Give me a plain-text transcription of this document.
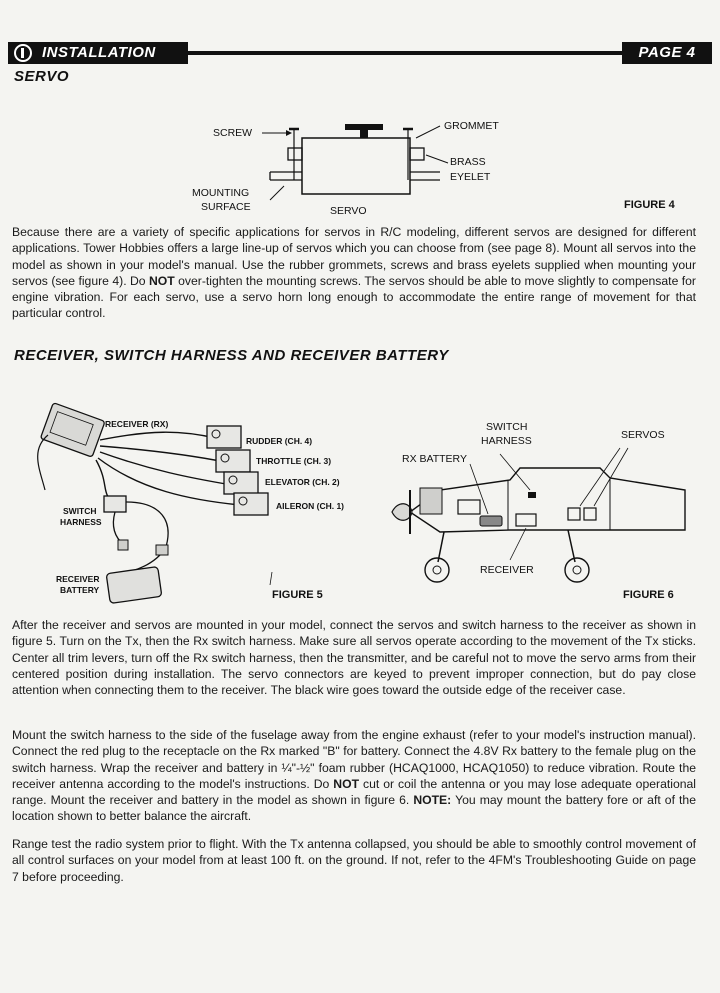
INSTALLATION	PAGE 4
SERVO
SCREW
GROMMET
BRASS
EYELET
MOUNTING
SURFACE	SERVO	FIGURE 4
Because there are a variety of specific applications for servos in R/C modeling, different servos are designed for different applications. Tower Hobbies offers a large line-up of servos which you can choose from (see page 8). Mount all servos into the model as shown in your model's manual. Use the rubber grommets, screws and brass eyelets supplied when mounting your servos (see figure 4). Do NOT over-tighten the mounting screws. The servos should be able to move slightly to compensate for engine vibration. For each servo, use a servo horn long enough to accommodate the entire range of movement for that particular control.
RECEIVER, SWITCH HARNESS AND RECEIVER BATTERY
RECEIVER (RX)
RUDDER (CH. 4)
THROTTLE (CH. 3)
ELEVATOR (CH. 2)
AILERON (CH. 1)
SWITCH
HARNESS
RECEIVER
BATTERY	FIGURE 5
SWITCH
HARNESS	SERVOS
RX BATTERY
RECEIVER
FIGURE 6
After the receiver and servos are mounted in your model, connect the servos and switch harness to the receiver as shown in figure 5. Turn on the Tx, then the Rx switch harness. Make sure all servos operate according to the movement of the Tx sticks. Center all trim levers, turn off the Rx switch harness, then the transmitter, and be careful not to move the servo arms from their centered position during installation. The servo connectors are keyed to prevent improper connection, but do pay close attention when connecting them to the receiver. The black wire goes toward the outside edge of the receiver case.
Mount the switch harness to the side of the fuselage away from the engine exhaust (refer to your model's instruction manual). Connect the red plug to the receptacle on the Rx marked "B" for battery. Connect the 4.8V Rx battery to the female plug on the switch harness. Wrap the receiver and battery in ¼"-½" foam rubber (HCAQ1000, HCAQ1050) to reduce vibration. Route the receiver antenna according to the model's instructions. Do NOT cut or coil the antenna or you may lose adequate operational range. Mount the receiver and battery in the model as shown in figure 6. NOTE: You may mount the battery fore or aft of the location shown to better balance the aircraft.
Range test the radio system prior to flight. With the Tx antenna collapsed, you should be able to smoothly control movement of all control surfaces on your model from at least 100 ft. on the ground. If not, refer to the 4FM's Troubleshooting Guide on page 7 before proceeding.
